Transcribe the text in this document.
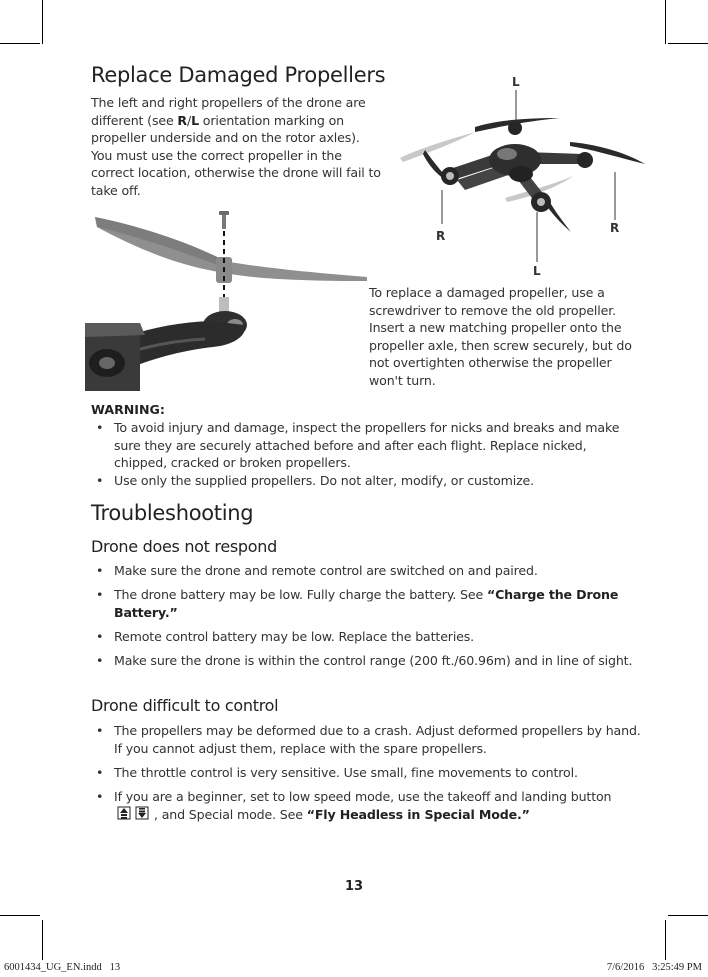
Replace Damaged Propellers
The left and right propellers of the drone are different (see R/L orientation marking on propeller underside and on the rotor axles). You must use the correct propeller in the correct location, otherwise the drone will fail to take off.
L
R
R
L
To replace a damaged propeller, use a screwdriver to remove the old propeller. Insert a new matching propeller onto the propeller axle, then screw securely, but do not overtighten otherwise the propeller won't turn.
WARNING:
• To avoid injury and damage, inspect the propellers for nicks and breaks and make sure they are securely attached before and after each flight. Replace nicked, chipped, cracked or broken propellers.
• Use only the supplied propellers. Do not alter, modify, or customize.
Troubleshooting
Drone does not respond
• Make sure the drone and remote control are switched on and paired.
• The drone battery may be low. Fully charge the battery. See “Charge the Drone Battery.”
• Remote control battery may be low. Replace the batteries.
• Make sure the drone is within the control range (200 ft./60.96m) and in line of sight.
Drone difficult to control
• The propellers may be deformed due to a crash. Adjust deformed propellers by hand. If you cannot adjust them, replace with the spare propellers.
• The throttle control is very sensitive. Use small, fine movements to control.
• If you are a beginner, set to low speed mode, use the takeoff and landing button , and Special mode. See “Fly Headless in Special Mode.”
13
6001434_UG_EN.indd   13	7/6/2016   3:25:49 PM
